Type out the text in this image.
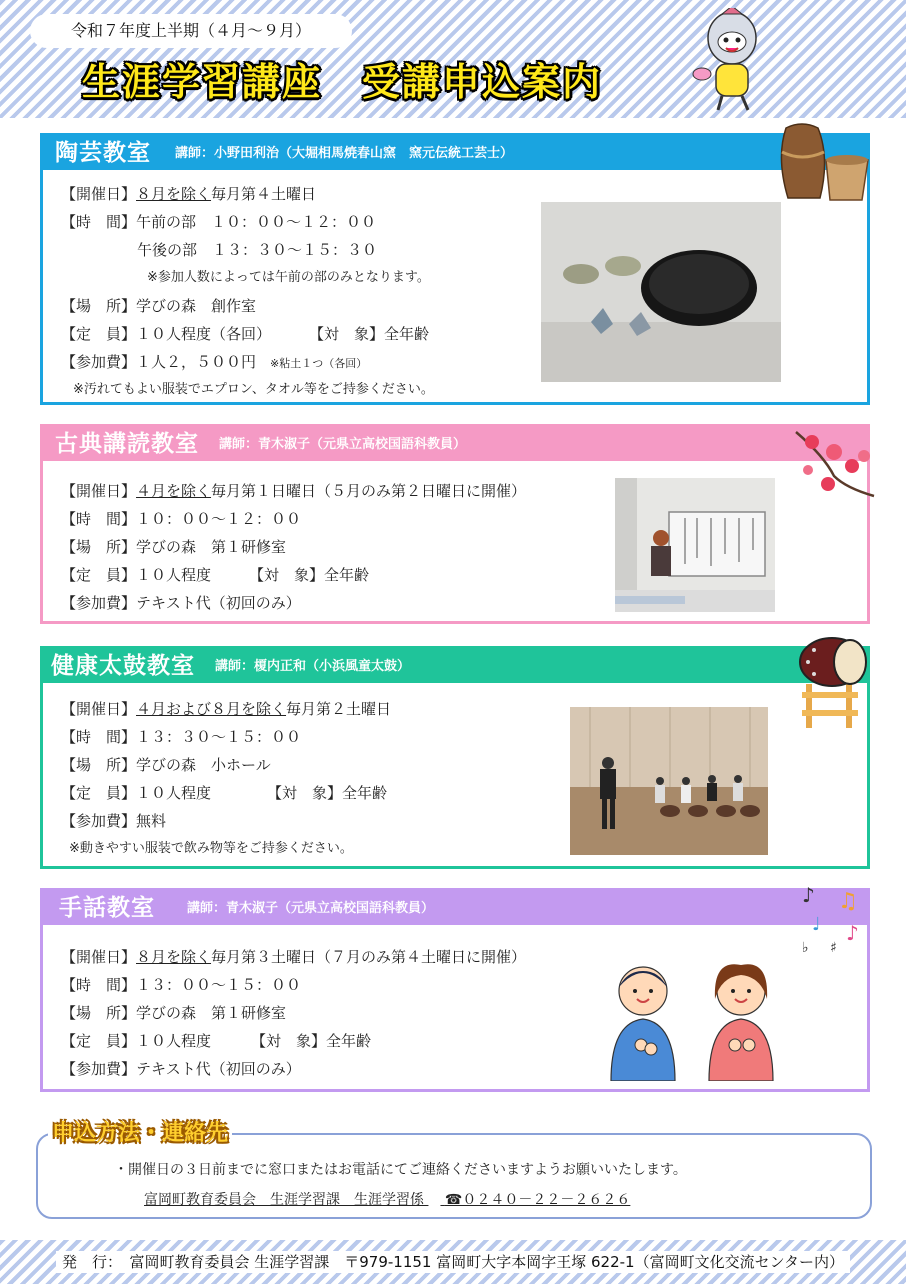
令和７年度上半期（４月〜９月）
生涯学習講座　受講申込案内
陶芸教室 講師：小野田利治（大堀相馬焼春山窯　窯元伝統工芸士）
【開催日】８月を除く毎月第４土曜日
【時　間】午前の部　１０：００〜１２：００
午後の部　１３：３０〜１５：３０
※参加人数によっては午前の部のみとなります。
【場　所】学びの森　創作室
【定　員】１０人程度（各回）	【対　象】全年齢
【参加費】１人２，５００円 ※粘土１つ（各回）
※汚れてもよい服装でエプロン、タオル等をご持参ください。
古典講読教室 講師：青木淑子（元県立高校国語科教員）
【開催日】４月を除く毎月第１日曜日（５月のみ第２日曜日に開催）
【時　間】１０：００〜１２：００
【場　所】学びの森　第１研修室
【定　員】１０人程度	【対　象】全年齢
【参加費】テキスト代（初回のみ）
健康太鼓教室 講師：榎内正和（小浜風童太鼓）
【開催日】４月および８月を除く毎月第２土曜日
【時　間】１３：３０〜１５：００
【場　所】学びの森　小ホール
【定　員】１０人程度	【対　象】全年齢
【参加費】無料
※動きやすい服装で飲み物等をご持参ください。
手話教室 講師：青木淑子（元県立高校国語科教員）
【開催日】８月を除く毎月第３土曜日（７月のみ第４土曜日に開催）
【時　間】１３：００〜１５：００
【場　所】学びの森　第１研修室
【定　員】１０人程度	【対　象】全年齢
【参加費】テキスト代（初回のみ）
♪ ♫
♩ ♪
♭ ♯
・開催日の３日前までに窓口またはお電話にてご連絡くださいますようお願いいたします。
富岡町教育委員会　生涯学習課　生涯学習係 ☎０２４０－２２－２６２６
申込方法・連絡先
発　行：　富岡町教育委員会 生涯学習課　〒979-1151 富岡町大字本岡字王塚 622-1（富岡町文化交流センター内）
